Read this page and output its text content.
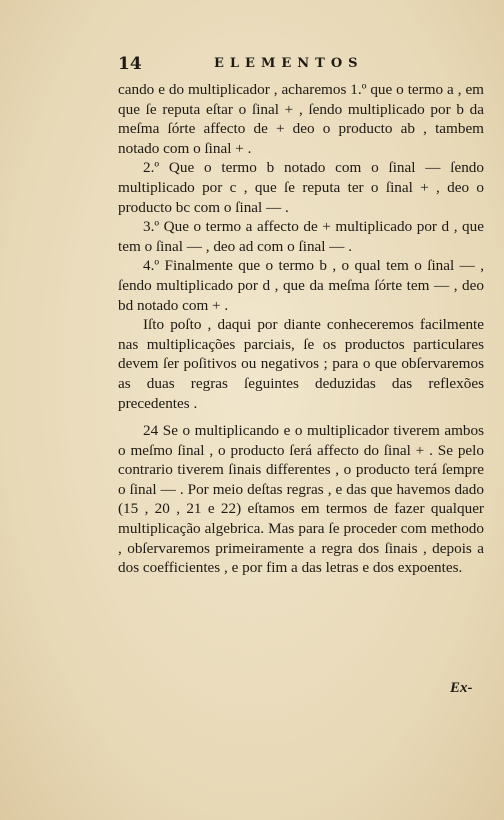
14	ELEMENTOS

cando e do multiplicador , acharemos 1.º que o termo a , em que ſe reputa eſtar o ſinal + , ſendo multiplicado por b da meſma ſórte affecto de + deo o producto ab , tambem notado com o ſinal + .

2.º Que o termo b notado com o ſinal — ſendo multiplicado por c , que ſe reputa ter o ſinal + , deo o producto bc com o ſinal — .

3.º Que o termo a affecto de + multiplicado por d , que tem o ſinal — , deo ad com o ſinal — .

4.º Finalmente que o termo b , o qual tem o ſinal — , ſendo multiplicado por d , que da meſma ſórte tem — , deo bd notado com + .

Iſto poſto , daqui por diante conheceremos facilmente nas multiplicações parciais, ſe os productos particulares devem ſer poſitivos ou negativos ; para o que obſervaremos as duas regras ſeguintes deduzidas das reflexões precedentes .

24 Se o multiplicando e o multiplicador tiverem ambos o meſmo ſinal , o producto ſerá affecto do ſinal + . Se pelo contrario tiverem ſinais differentes , o producto terá ſempre o ſinal — . Por meio deſtas regras , e das que havemos dado (15 , 20 , 21 e 22) eſtamos em termos de fazer qualquer multiplicação algebrica. Mas para ſe proceder com methodo , obſervaremos primeiramente a regra dos ſinais , depois a dos coefficientes , e por fim a das letras e dos expoentes.

Ex-
